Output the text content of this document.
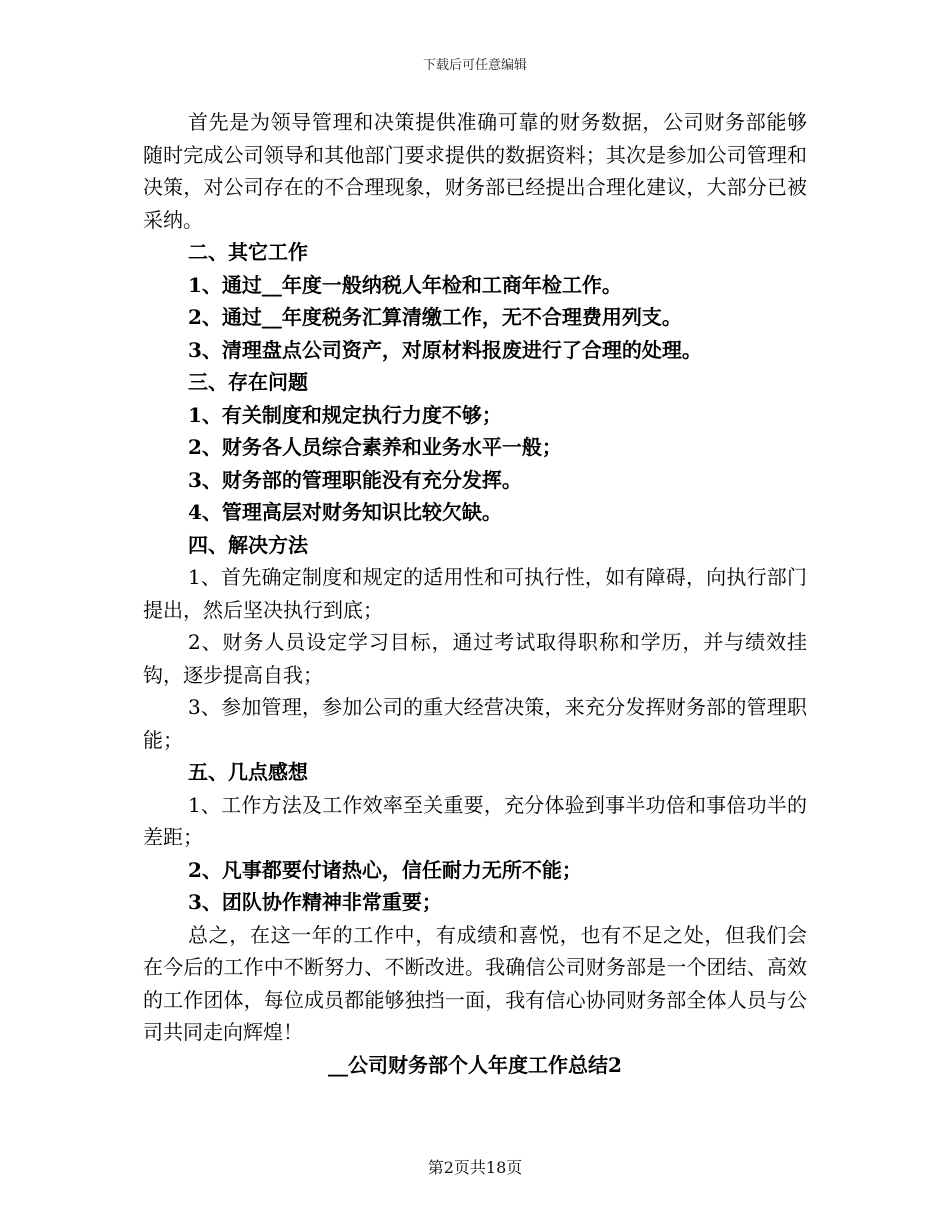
下载后可任意编辑

首先是为领导管理和决策提供准确可靠的财务数据，公司财务部能够随时完成公司领导和其他部门要求提供的数据资料；其次是参加公司管理和决策，对公司存在的不合理现象，财务部已经提出合理化建议，大部分已被采纳。

二、其它工作

1、通过__年度一般纳税人年检和工商年检工作。

2、通过__年度税务汇算清缴工作，无不合理费用列支。

3、清理盘点公司资产，对原材料报废进行了合理的处理。

三、存在问题

1、有关制度和规定执行力度不够；

2、财务各人员综合素养和业务水平一般；

3、财务部的管理职能没有充分发挥。

4、管理高层对财务知识比较欠缺。

四、解决方法

1、首先确定制度和规定的适用性和可执行性，如有障碍，向执行部门提出，然后坚决执行到底；

2、财务人员设定学习目标，通过考试取得职称和学历，并与绩效挂钩，逐步提高自我；

3、参加管理，参加公司的重大经营决策，来充分发挥财务部的管理职能；

五、几点感想

1、工作方法及工作效率至关重要，充分体验到事半功倍和事倍功半的差距；

2、凡事都要付诸热心，信任耐力无所不能；

3、团队协作精神非常重要；

总之，在这一年的工作中，有成绩和喜悦，也有不足之处，但我们会在今后的工作中不断努力、不断改进。我确信公司财务部是一个团结、高效的工作团体，每位成员都能够独挡一面，我有信心协同财务部全体人员与公司共同走向辉煌！

__公司财务部个人年度工作总结2

第2页共18页
